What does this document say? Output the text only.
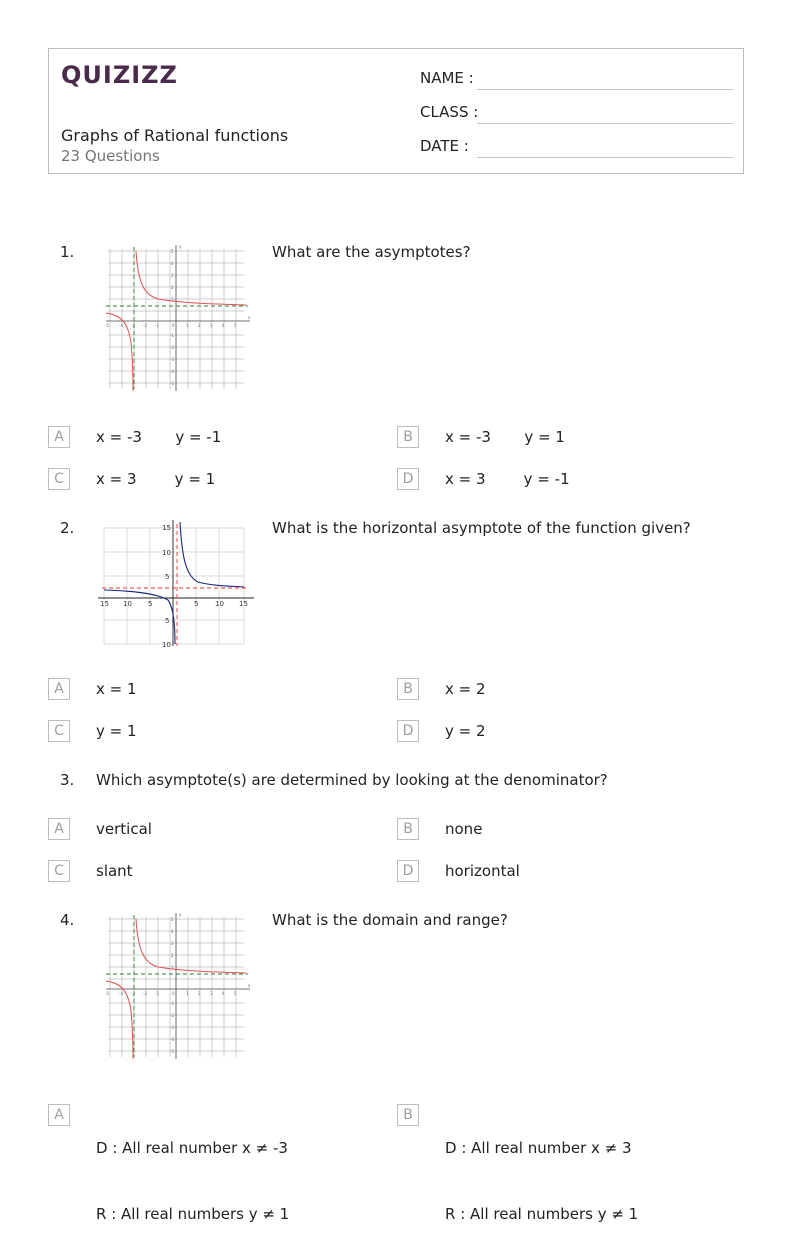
QUIZIZZ
Graphs of Rational functions
23 Questions
NAME :
CLASS :
DATE :
1.
-5	-4 -3 -2 -1	0	1 2 3 4 5
5
4
3
2
1
-1
-2
-3
-4
-5
x
y	What are the asymptotes?
A	x = -3       y = -1	B	x = -3       y = 1
C	x = 3        y = 1	D	x = 3        y = -1
2.
15 10 5	5 10 15
15
10
5
5
10
What is the horizontal asymptote of the function given?
A	x = 1	B	x = 2
C	y = 1	D	y = 2
3. Which asymptote(s) are determined by looking at the denominator?
A	vertical	B	none
C	slant	D	horizontal
4.
-5	-4 -3 -2 -1	0	1 2 3 4 5
5
4
3
2
1
-1
-2
-3
-4
-5
x
y	What is the domain and range?
A

D : All real number x ≠ -3

R : All real numbers y ≠ 1

B

D : All real number x ≠ 3

R : All real numbers y ≠ 1
